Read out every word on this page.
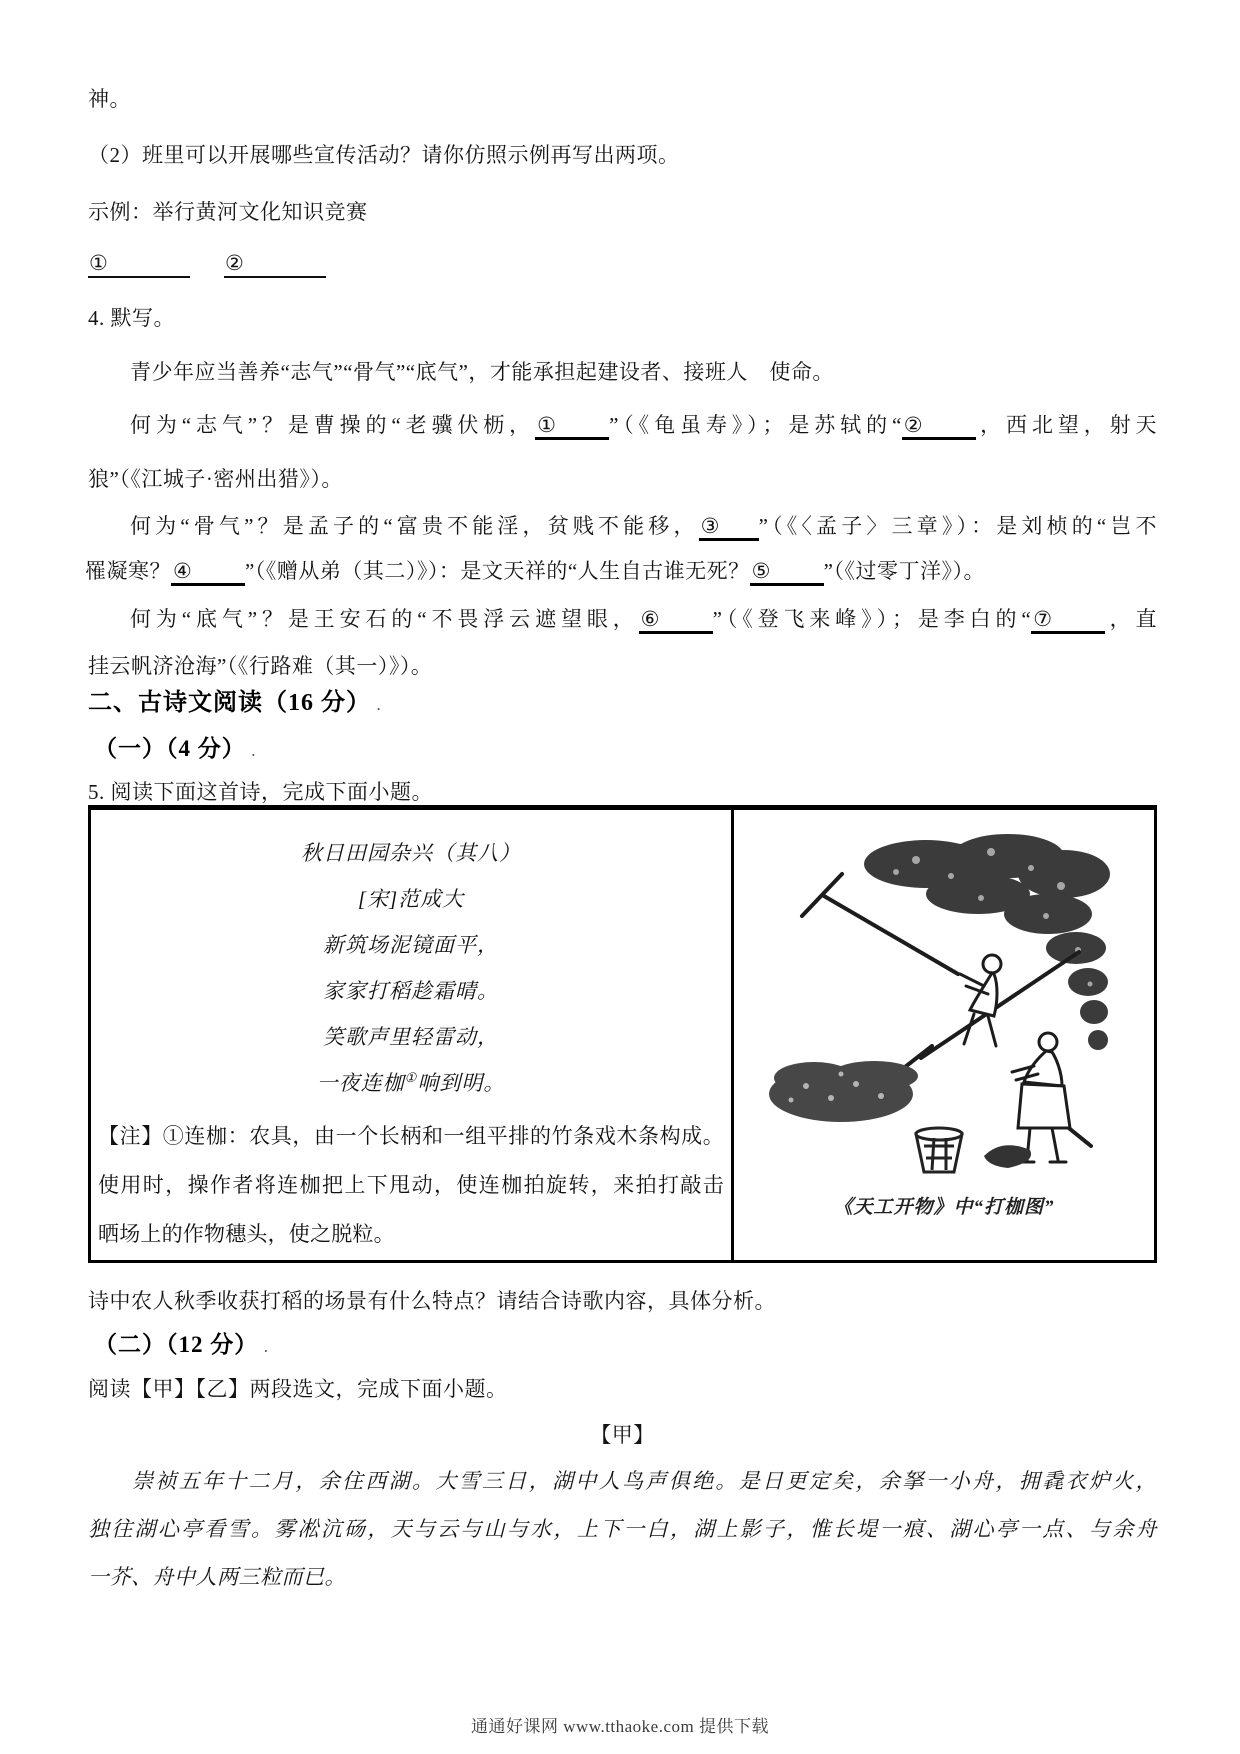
神。
（2）班里可以开展哪些宣传活动？请你仿照示例再写出两项。
示例：举行黄河文化知识竞赛
①	②
4. 默写。
青少年应当善养“志气”“骨气”“底气”，才能承担起建设者、接班人　使命。
何为“志气”？是曹操的“老骥伏枥，①	”（《龟虽寿》）；是苏轼的“②	，西北望，射天
狼”（《江城子·密州出猎》）。
何为“骨气”？是孟子的“富贵不能淫，贫贱不能移，③ ”（《〈孟子〉三章》）：是刘桢的“岂不
罹凝寒？④	”（《赠从弟（其二）》）：是文天祥的“人生自古谁无死？⑤	”（《过零丁洋》）。
何为“底气”？是王安石的“不畏浮云遮望眼，⑥	”（《登飞来峰》）；是李白的“⑦	，直
挂云帆济沧海”（《行路难（其一）》）。
二、古诗文阅读（16 分） .
（一）（4 分） .
5. 阅读下面这首诗，完成下面小题。
秋日田园杂兴（其八）
[宋]范成大
新筑场泥镜面平，
家家打稻趁霜晴。
笑歌声里轻雷动，
一夜连枷①响到明。
【注】①连枷：农具，由一个长柄和一组平排的竹条戏木条构成。
使用时，操作者将连枷把上下甩动，使连枷拍旋转，来拍打敲击
晒场上的作物穗头，使之脱粒。
《天工开物》中“打枷图”
诗中农人秋季收获打稻的场景有什么特点？请结合诗歌内容，具体分析。
（二）（12 分） .
阅读【甲】【乙】两段选文，完成下面小题。
【甲】
崇祯五年十二月，余住西湖。大雪三日，湖中人鸟声俱绝。是日更定矣，余拏一小舟，拥毳衣炉火，
独往湖心亭看雪。雾凇沆砀，天与云与山与水，上下一白，湖上影子，惟长堤一痕、湖心亭一点、与余舟
一芥、舟中人两三粒而已。
通通好课网 www.tthaoke.com 提供下载
